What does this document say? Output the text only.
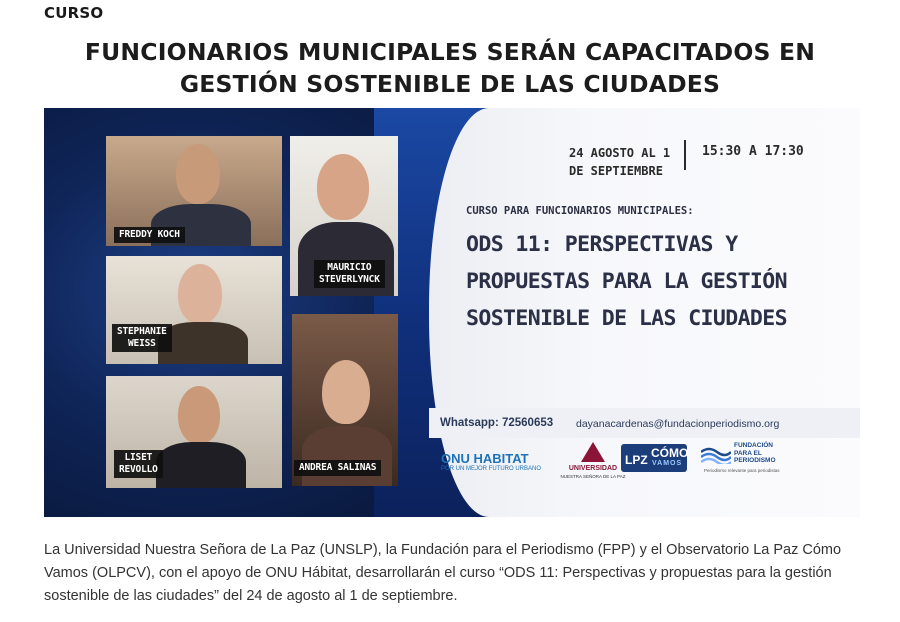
CURSO
FUNCIONARIOS MUNICIPALES SERÁN CAPACITADOS EN GESTIÓN SOSTENIBLE DE LAS CIUDADES
FREDDY KOCH
MAURICIO
STEVERLYNCK
STEPHANIE
WEISS
LISET
REVOLLO	ANDREA SALINAS
24 AGOSTO AL 1
DE SEPTIEMBRE
15:30 A 17:30
CURSO PARA FUNCIONARIOS MUNICIPALES:
ODS 11: PERSPECTIVAS Y
PROPUESTAS PARA LA GESTIÓN
SOSTENIBLE DE LAS CIUDADES
Whatsapp: 72560653 dayanacardenas@fundacionperiodismo.org
ONU HABITAT
POR UN MEJOR FUTURO URBANO	UNIVERSIDAD
NUESTRA SEÑORA DE LA PAZ
LPZ CÓMO
VAMOS
FUNDACIÓN
PARA EL
PERIODISMO
Periodismo relevante para periodistas

La Universidad Nuestra Señora de La Paz (UNSLP), la Fundación para el Periodismo (FPP) y el Observatorio La Paz Cómo Vamos (OLPCV), con el apoyo de ONU Hábitat, desarrollarán el curso “ODS 11: Perspectivas y propuestas para la gestión sostenible de las ciudades” del 24 de agosto al 1 de septiembre.
